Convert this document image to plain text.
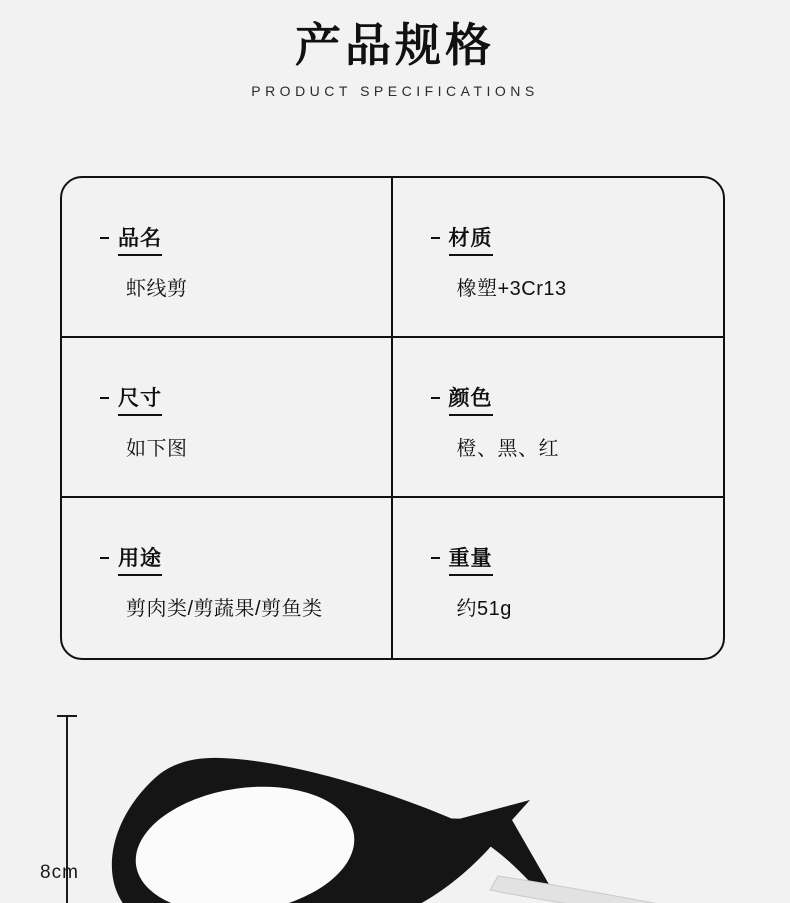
产品规格
PRODUCT SPECIFICATIONS
品名
虾线剪
材质
橡塑+3Cr13
尺寸
如下图
颜色
橙、黑、红
用途
剪肉类/剪蔬果/剪鱼类
重量
约51g
8cm
